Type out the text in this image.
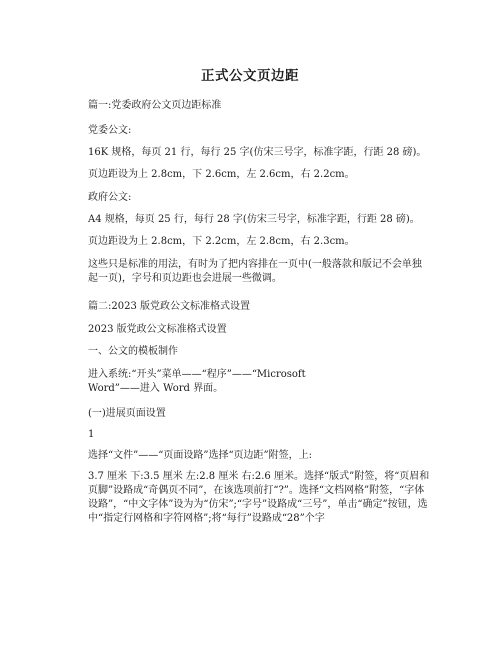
正式公文页边距
篇一:党委政府公文页边距标准
党委公文:
16K 规格，每页 21 行，每行 25 字(仿宋三号字，标准字距，行距 28 磅)。
页边距设为上 2.8cm，下 2.6cm，左 2.6cm，右 2.2cm。
政府公文:
A4 规格，每页 25 行，每行 28 字(仿宋三号字，标准字距，行距 28 磅)。
页边距设为上 2.8cm，下 2.2cm，左 2.8cm，右 2.3cm。
这些只是标准的用法，有时为了把内容排在一页中(一般落款和版记不会单独起一页)，字号和页边距也会进展一些微调。
篇二:2023 版党政公文标准格式设置
2023 版党政公文标准格式设置
一、公文的模板制作
进入系统:“开头”菜单——“程序”——“Microsoft Word”——进入 Word 界面。
(一)进展页面设置
1
选择“文件”——“页面设路”选择“页边距”附签，上:
3.7 厘米 下:3.5 厘米 左:2.8 厘米 右:2.6 厘米。选择“版式”附签，将“页眉和页脚”设路成“奇偶页不同”，在该选项前打“?”。选择“文档网格”附签，“字体设路”，“中文字体”设为为“仿宋”;“字号”设路成“三号”，单击“确定”按钮，选中“指定行网格和字符网格”;将“每行”设路成“28”个字
